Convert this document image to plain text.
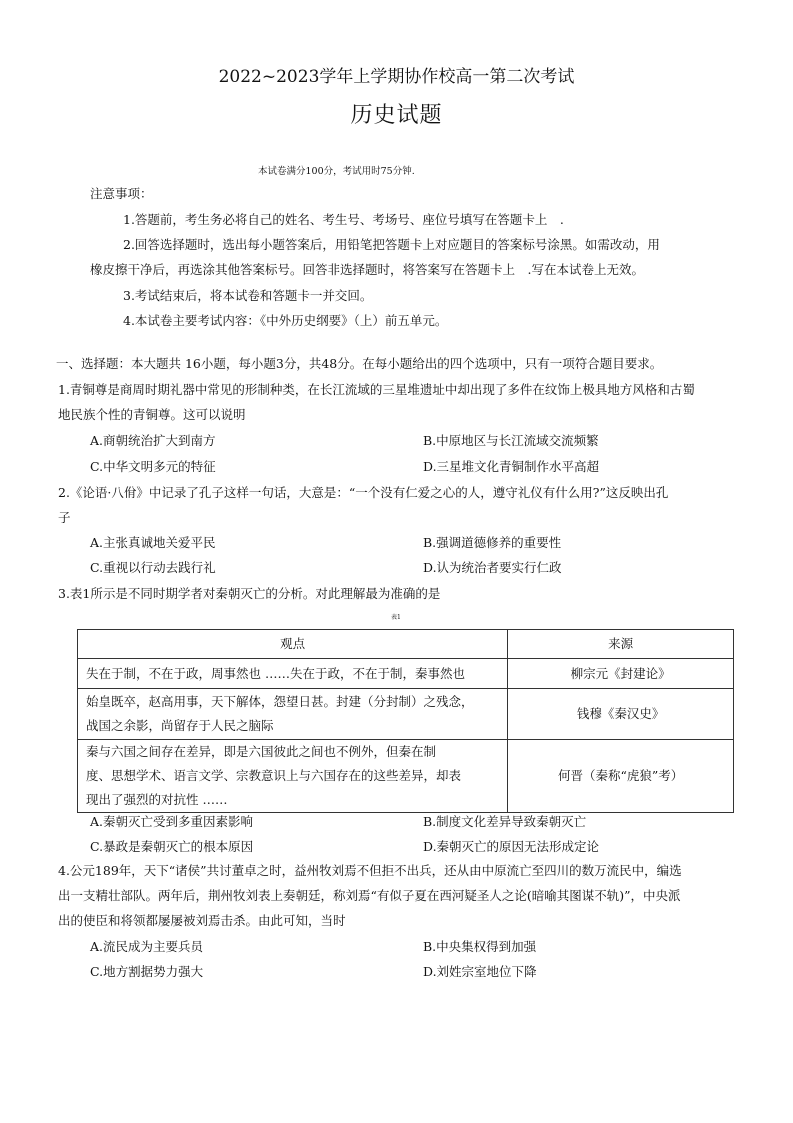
2022~2023学年上学期协作校高一第二次考试
历史试题
本试卷满分100分，考试用时75分钟.
注意事项：
1.答题前，考生务必将自己的姓名、考生号、考场号、座位号填写在答题卡上　.
2.回答选择题时，选出每小题答案后，用铅笔把答题卡上对应题目的答案标号涂黑。如需改动，用
橡皮擦干净后，再选涂其他答案标号。回答非选择题时，将答案写在答题卡上　.写在本试卷上无效。
3.考试结束后，将本试卷和答题卡一并交回。
4.本试卷主要考试内容：《中外历史纲要》（上）前五单元。
一、选择题：本大题共 16小题，每小题3分，共48分。在每小题给出的四个选项中，只有一项符合题目要求。
1.青铜尊是商周时期礼器中常见的形制种类，在长江流域的三星堆遗址中却出现了多件在纹饰上极具地方风格和古蜀
地民族个性的青铜尊。这可以说明
A.商朝统治扩大到南方	B.中原地区与长江流域交流频繁
C.中华文明多元的特征	D.三星堆文化青铜制作水平高超
2.《论语·八佾》中记录了孔子这样一句话，大意是：“一个没有仁爱之心的人，遵守礼仪有什么用?”这反映出孔
子
A.主张真诚地关爱平民	B.强调道德修养的重要性
C.重视以行动去践行礼	D.认为统治者要实行仁政
3.表1所示是不同时期学者对秦朝灭亡的分析。对此理解最为准确的是
表1
观点	来源

失在于制，不在于政，周事然也 ……失在于政，不在于制，秦事然也	柳宗元《封建论》

始皇既卒，赵高用事，天下解体，怨望日甚。封建（分封制）之残念，
战国之余影，尚留存于人民之脑际	钱穆《秦汉史》

秦与六国之间存在差异，即是六国彼此之间也不例外，但秦在制
度、思想学术、语言文学、宗教意识上与六国存在的这些差异，却表
现出了强烈的对抗性 ……	何晋（秦称“虎狼”考）
A.秦朝灭亡受到多重因素影响	B.制度文化差异导致秦朝灭亡
C.暴政是秦朝灭亡的根本原因	D.秦朝灭亡的原因无法形成定论
4.公元189年，天下“诸侯”共讨董卓之时，益州牧刘焉不但拒不出兵，还从由中原流亡至四川的数万流民中，编选
出一支精壮部队。两年后，荆州牧刘表上奏朝廷，称刘焉“有似子夏在西河疑圣人之论(暗喻其图谋不轨)”，中央派
出的使臣和将领都屡屡被刘焉击杀。由此可知，当时
A.流民成为主要兵员	B.中央集权得到加强
C.地方割据势力强大	D.刘姓宗室地位下降
